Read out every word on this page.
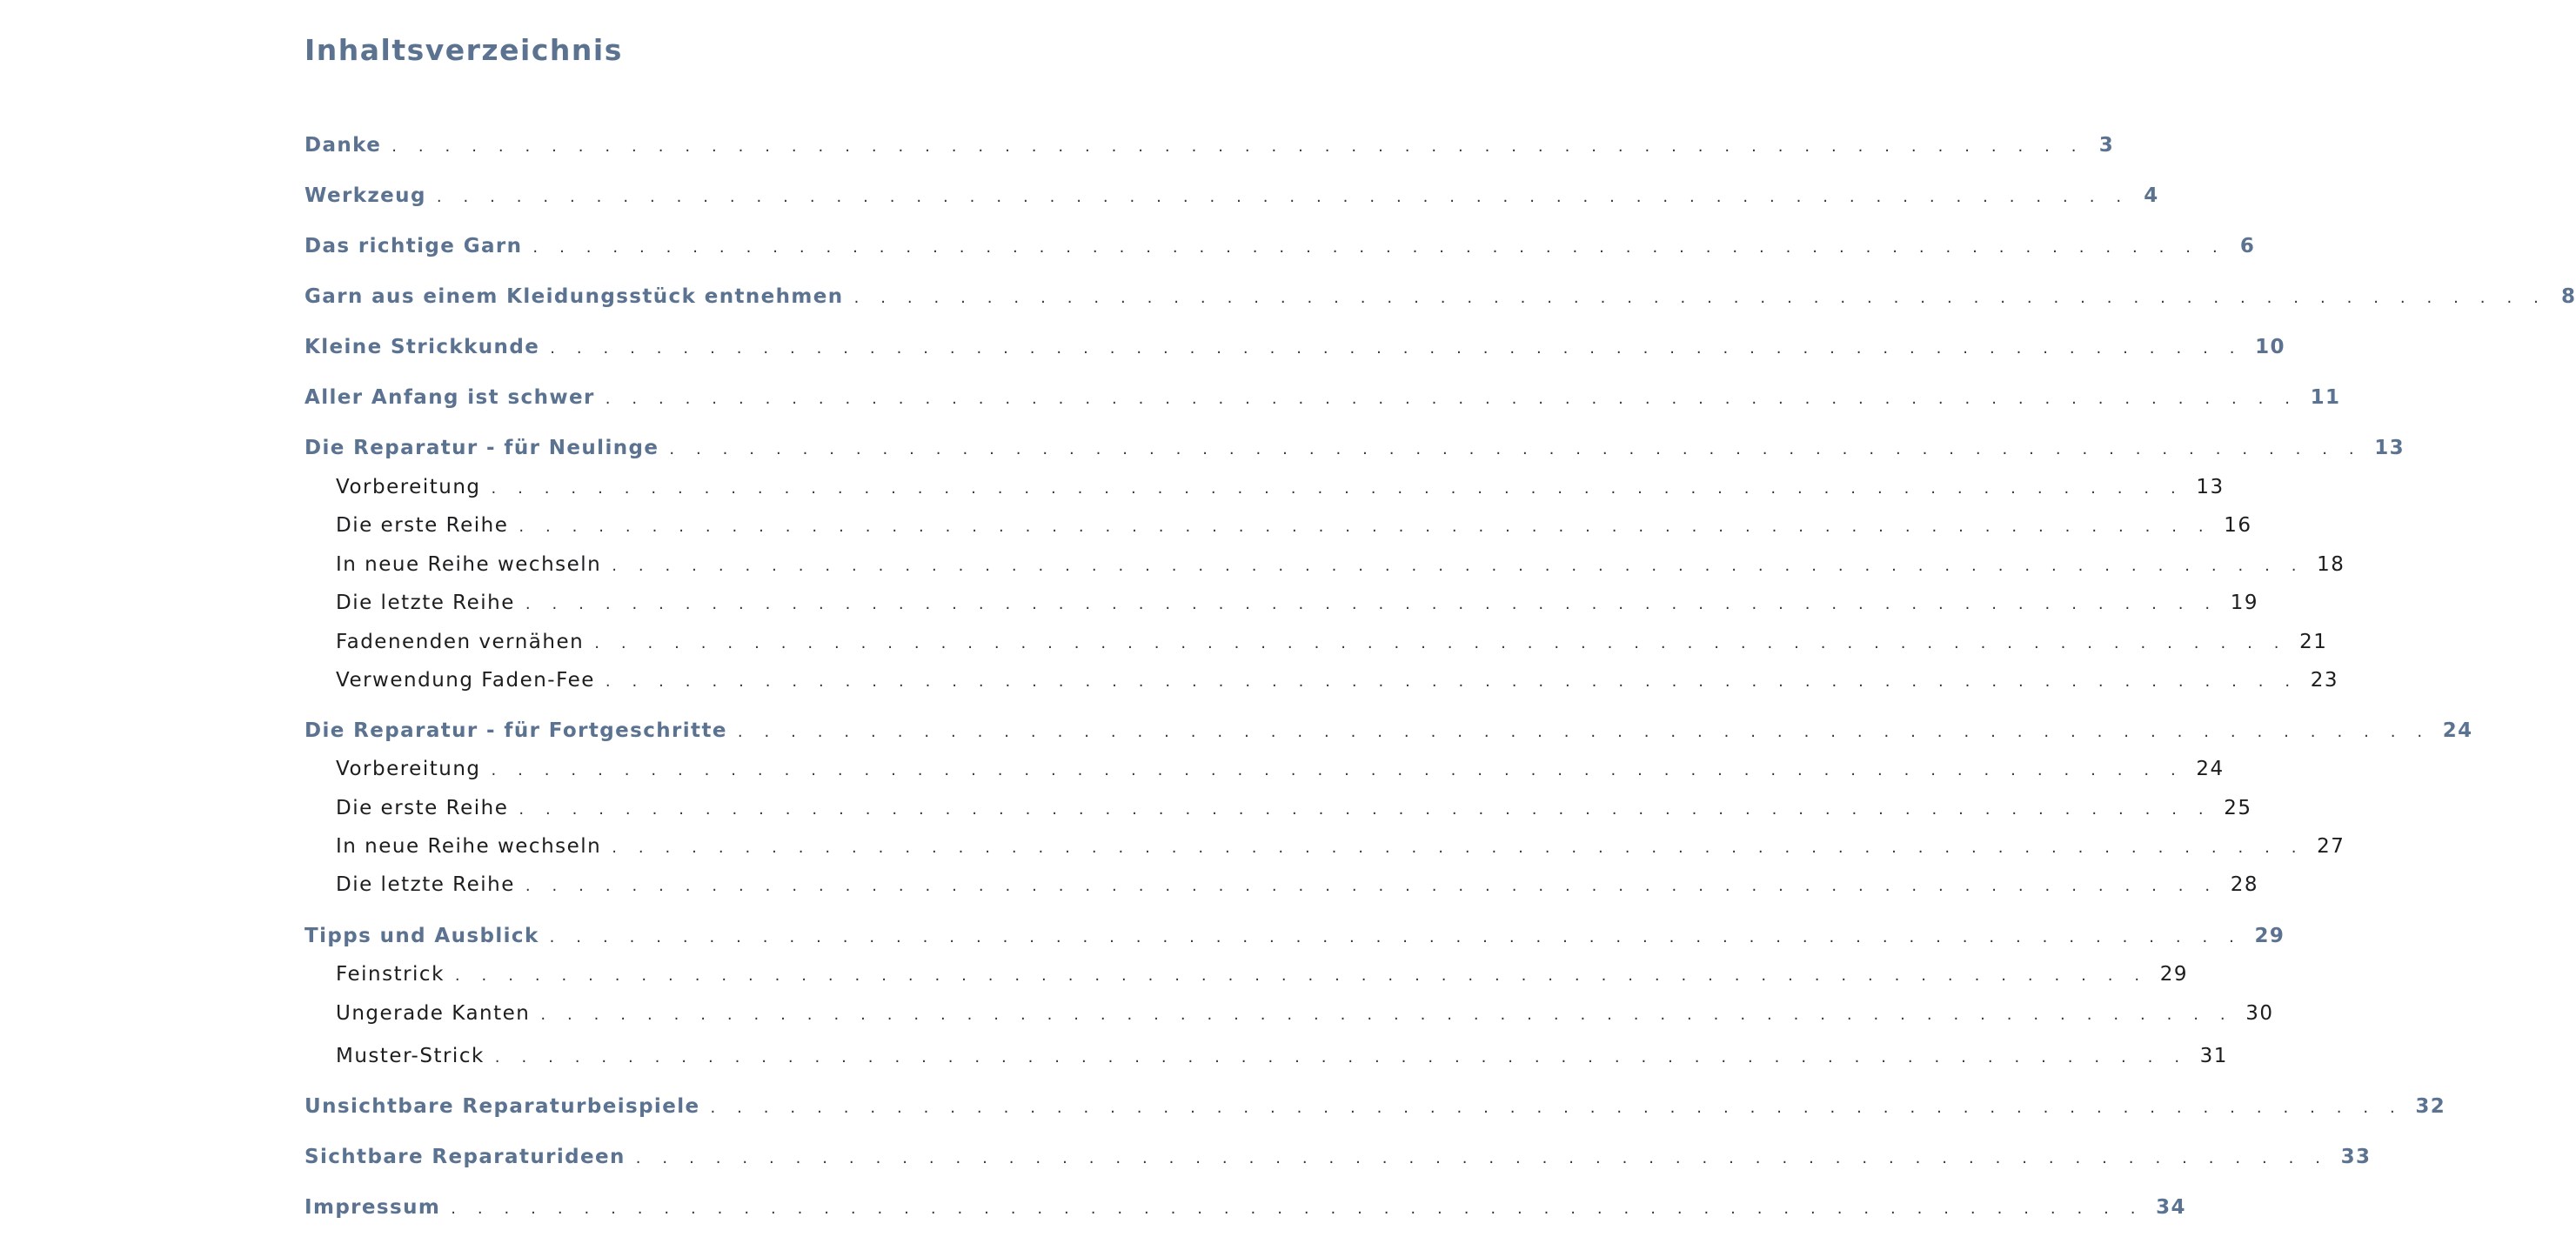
Inhaltsverzeichnis
Danke . . . . . . . . . . . . . . . . . . . . . . . . . . . . . . . . . . . . . . . . . . . . . . . . . . . . . . . . . . . . . . . . 3
Werkzeug . . . . . . . . . . . . . . . . . . . . . . . . . . . . . . . . . . . . . . . . . . . . . . . . . . . . . . . . . . . . . . . . 4
Das richtige Garn . . . . . . . . . . . . . . . . . . . . . . . . . . . . . . . . . . . . . . . . . . . . . . . . . . . . . . . . . . . . . . . . 6
Garn aus einem Kleidungsstück entnehmen . . . . . . . . . . . . . . . . . . . . . . . . . . . . . . . . . . . . . . . . . . . . . . . . . . . . . . . . . . . . . . . . 8
Kleine Strickkunde . . . . . . . . . . . . . . . . . . . . . . . . . . . . . . . . . . . . . . . . . . . . . . . . . . . . . . . . . . . . . . . . 10
Aller Anfang ist schwer . . . . . . . . . . . . . . . . . . . . . . . . . . . . . . . . . . . . . . . . . . . . . . . . . . . . . . . . . . . . . . . . 11
Die Reparatur - für Neulinge . . . . . . . . . . . . . . . . . . . . . . . . . . . . . . . . . . . . . . . . . . . . . . . . . . . . . . . . . . . . . . . . 13
Vorbereitung . . . . . . . . . . . . . . . . . . . . . . . . . . . . . . . . . . . . . . . . . . . . . . . . . . . . . . . . . . . . . . . . 13
Die erste Reihe . . . . . . . . . . . . . . . . . . . . . . . . . . . . . . . . . . . . . . . . . . . . . . . . . . . . . . . . . . . . . . . . 16
In neue Reihe wechseln . . . . . . . . . . . . . . . . . . . . . . . . . . . . . . . . . . . . . . . . . . . . . . . . . . . . . . . . . . . . . . . . 18
Die letzte Reihe . . . . . . . . . . . . . . . . . . . . . . . . . . . . . . . . . . . . . . . . . . . . . . . . . . . . . . . . . . . . . . . . 19
Fadenenden vernähen . . . . . . . . . . . . . . . . . . . . . . . . . . . . . . . . . . . . . . . . . . . . . . . . . . . . . . . . . . . . . . . . 21
Verwendung Faden-Fee . . . . . . . . . . . . . . . . . . . . . . . . . . . . . . . . . . . . . . . . . . . . . . . . . . . . . . . . . . . . . . . . 23
Die Reparatur - für Fortgeschritte . . . . . . . . . . . . . . . . . . . . . . . . . . . . . . . . . . . . . . . . . . . . . . . . . . . . . . . . . . . . . . . . 24
Vorbereitung . . . . . . . . . . . . . . . . . . . . . . . . . . . . . . . . . . . . . . . . . . . . . . . . . . . . . . . . . . . . . . . . 24
Die erste Reihe . . . . . . . . . . . . . . . . . . . . . . . . . . . . . . . . . . . . . . . . . . . . . . . . . . . . . . . . . . . . . . . . 25
In neue Reihe wechseln . . . . . . . . . . . . . . . . . . . . . . . . . . . . . . . . . . . . . . . . . . . . . . . . . . . . . . . . . . . . . . . . 27
Die letzte Reihe . . . . . . . . . . . . . . . . . . . . . . . . . . . . . . . . . . . . . . . . . . . . . . . . . . . . . . . . . . . . . . . . 28
Tipps und Ausblick . . . . . . . . . . . . . . . . . . . . . . . . . . . . . . . . . . . . . . . . . . . . . . . . . . . . . . . . . . . . . . . . 29
Feinstrick . . . . . . . . . . . . . . . . . . . . . . . . . . . . . . . . . . . . . . . . . . . . . . . . . . . . . . . . . . . . . . . . 29
Ungerade Kanten . . . . . . . . . . . . . . . . . . . . . . . . . . . . . . . . . . . . . . . . . . . . . . . . . . . . . . . . . . . . . . . . 30
Muster-Strick . . . . . . . . . . . . . . . . . . . . . . . . . . . . . . . . . . . . . . . . . . . . . . . . . . . . . . . . . . . . . . . . 31
Unsichtbare Reparaturbeispiele . . . . . . . . . . . . . . . . . . . . . . . . . . . . . . . . . . . . . . . . . . . . . . . . . . . . . . . . . . . . . . . . 32
Sichtbare Reparaturideen . . . . . . . . . . . . . . . . . . . . . . . . . . . . . . . . . . . . . . . . . . . . . . . . . . . . . . . . . . . . . . . . 33
Impressum . . . . . . . . . . . . . . . . . . . . . . . . . . . . . . . . . . . . . . . . . . . . . . . . . . . . . . . . . . . . . . . . 34
